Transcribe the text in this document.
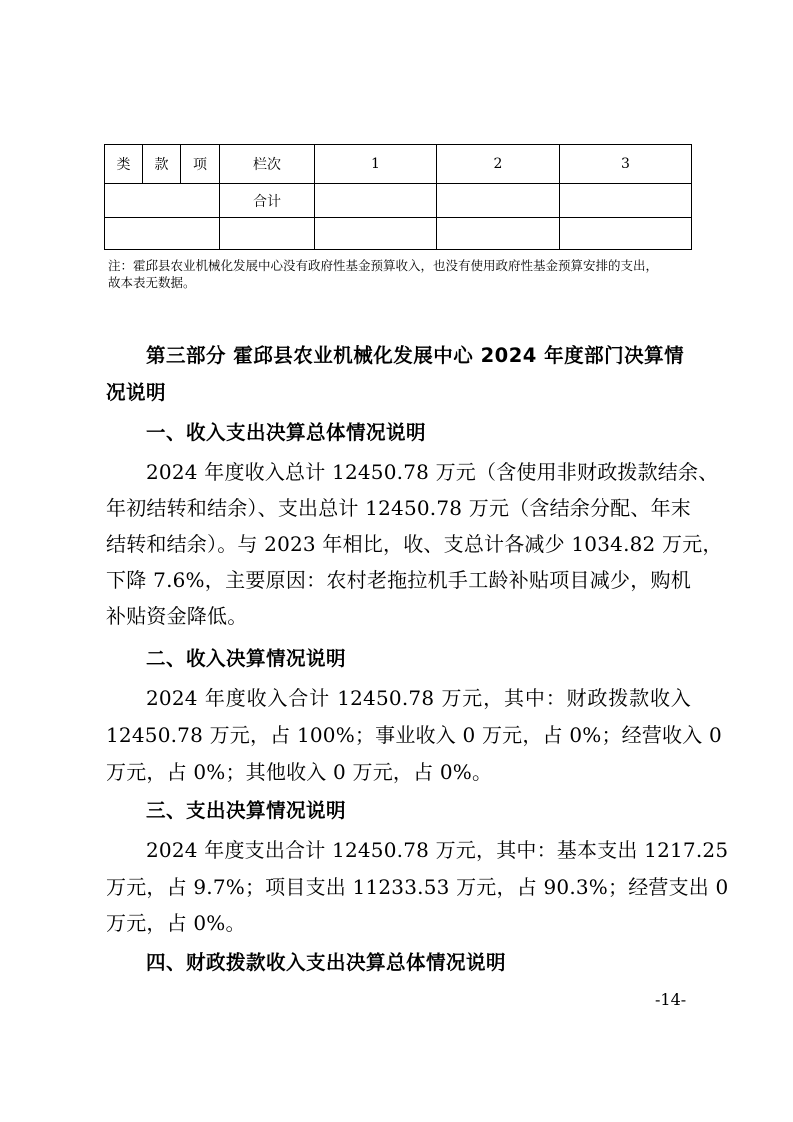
类	款	项	栏次	1	2	3
			合计			

注：霍邱县农业机械化发展中心没有政府性基金预算收入，也没有使用政府性基金预算安排的支出，
故本表无数据。
第三部分 霍邱县农业机械化发展中心 2024 年度部门决算情
况说明
一、收入支出决算总体情况说明
2024 年度收入总计 12450.78 万元（含使用非财政拨款结余、
年初结转和结余）、支出总计 12450.78 万元（含结余分配、年末
结转和结余）。与 2023 年相比，收、支总计各减少 1034.82 万元，
下降 7.6%，主要原因：农村老拖拉机手工龄补贴项目减少，购机
补贴资金降低。
二、收入决算情况说明
2024 年度收入合计 12450.78 万元，其中：财政拨款收入
12450.78 万元，占 100%；事业收入 0 万元，占 0%；经营收入 0
万元，占 0%；其他收入 0 万元，占 0%。
三、支出决算情况说明
2024 年度支出合计 12450.78 万元，其中：基本支出 1217.25
万元，占 9.7%；项目支出 11233.53 万元，占 90.3%；经营支出 0
万元，占 0%。
四、财政拨款收入支出决算总体情况说明
-14-
